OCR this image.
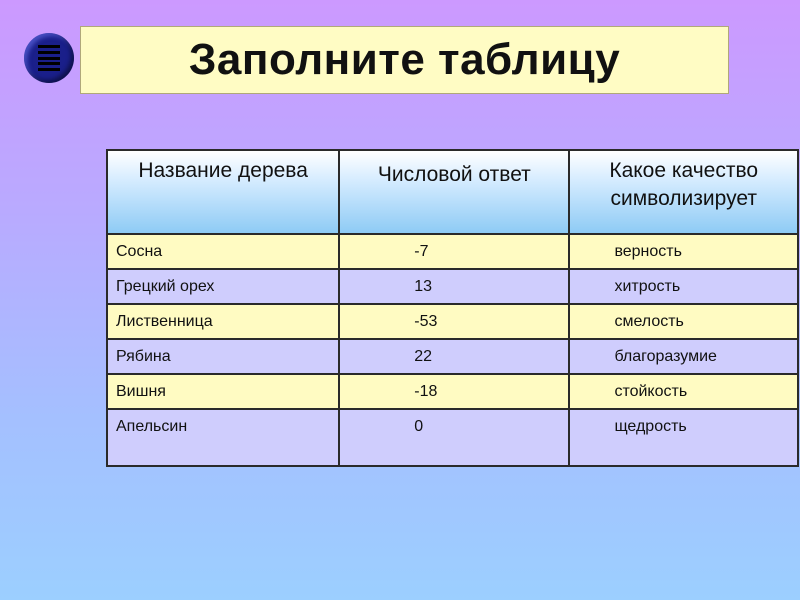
Заполните таблицу
Название дерева	Числовой ответ	Какое качество символизирует
Сосна	-7	верность
Грецкий орех	13	хитрость
Лиственница	-53	смелость
Рябина	22	благоразумие
Вишня	-18	стойкость
Апельсин	0	щедрость
